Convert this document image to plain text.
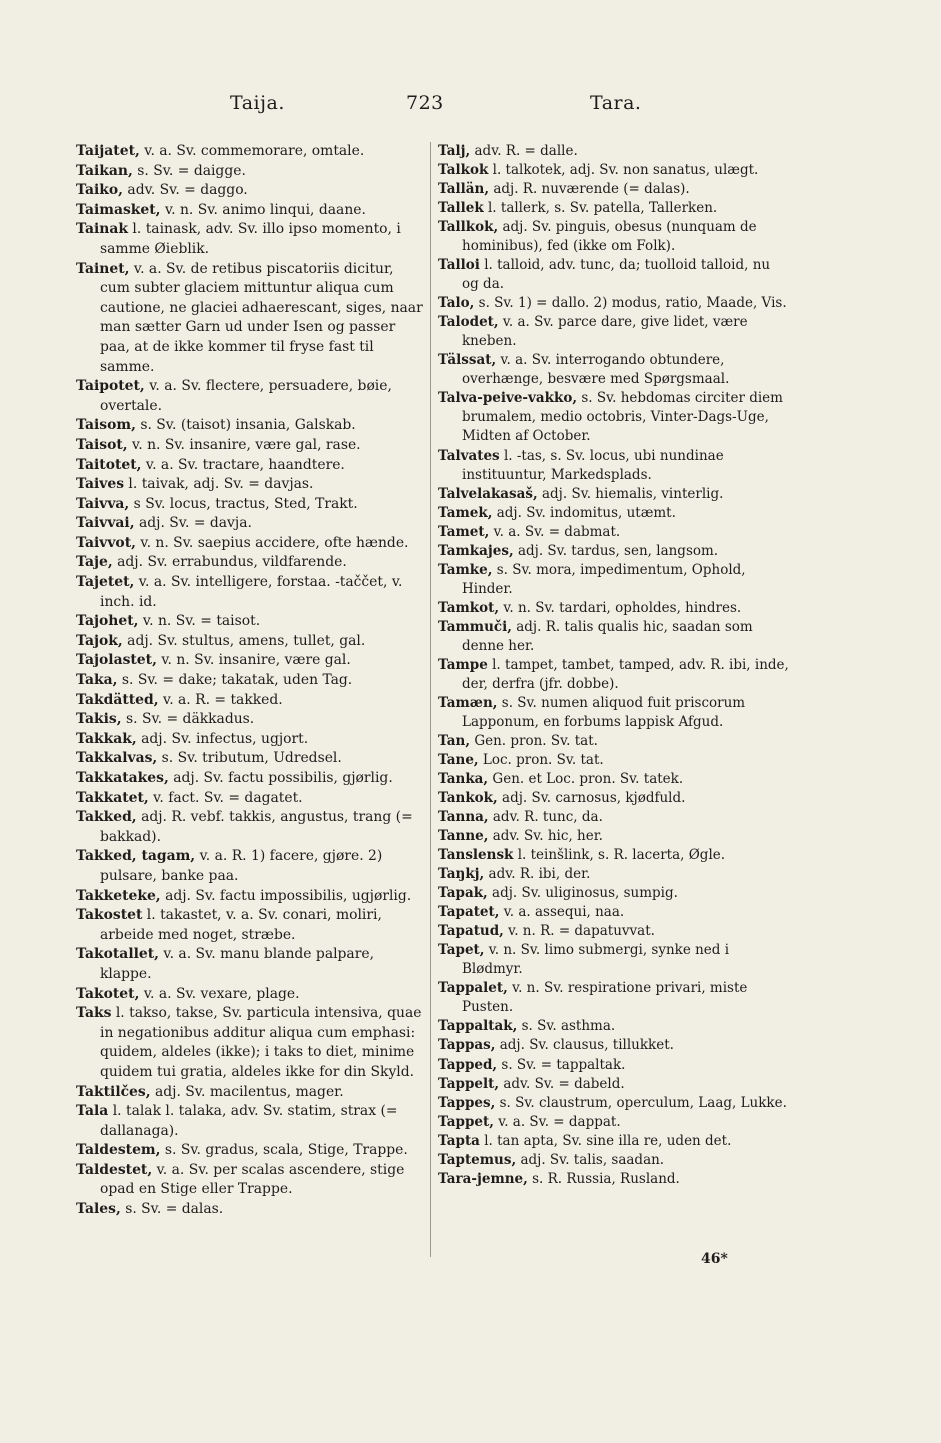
Taija.	723	Tara.

Taijatet, v. a. Sv. commemorare, omtale.

Taikan, s. Sv. = daigge.

Taiko, adv. Sv. = daggo.

Taimasket, v. n. Sv. animo linqui, daane.

Tainak l. tainask, adv. Sv. illo ipso momento, i samme Øieblik.

Tainet, v. a. Sv. de retibus piscatoriis dicitur, cum subter glaciem mittuntur aliqua cum cautione, ne glaciei adhaerescant, siges, naar man sætter Garn ud under Isen og passer paa, at de ikke kommer til fryse fast til samme.

Taipotet, v. a. Sv. flectere, persuadere, bøie, overtale.

Taisom, s. Sv. (taisot) insania, Galskab.

Taisot, v. n. Sv. insanire, være gal, rase.

Taitotet, v. a. Sv. tractare, haandtere.

Taives l. taivak, adj. Sv. = davjas.

Taivva, s Sv. locus, tractus, Sted, Trakt.

Taivvai, adj. Sv. = davja.

Taivvot, v. n. Sv. saepius accidere, ofte hænde.

Taje, adj. Sv. errabundus, vildfarende.

Tajetet, v. a. Sv. intelligere, forstaa. -taččet, v. inch. id.

Tajohet, v. n. Sv. = taisot.

Tajok, adj. Sv. stultus, amens, tullet, gal.

Tajolastet, v. n. Sv. insanire, være gal.

Taka, s. Sv. = dake; takatak, uden Tag.

Takdätted, v. a. R. = takked.

Takis, s. Sv. = däkkadus.

Takkak, adj. Sv. infectus, ugjort.

Takkalvas, s. Sv. tributum, Udredsel.

Takkatakes, adj. Sv. factu possibilis, gjørlig.

Takkatet, v. fact. Sv. = dagatet.

Takked, adj. R. vebf. takkis, angustus, trang (= bakkad).

Takked, tagam, v. a. R. 1) facere, gjøre. 2) pulsare, banke paa.

Takketeke, adj. Sv. factu impossibilis, ugjørlig.

Takostet l. takastet, v. a. Sv. conari, moliri, arbeide med noget, stræbe.

Takotallet, v. a. Sv. manu blande palpare, klappe.

Takotet, v. a. Sv. vexare, plage.

Taks l. takso, takse, Sv. particula intensiva, quae in negationibus additur aliqua cum emphasi: quidem, aldeles (ikke); i taks to diet, minime quidem tui gratia, aldeles ikke for din Skyld.

Taktilčes, adj. Sv. macilentus, mager.

Tala l. talak l. talaka, adv. Sv. statim, strax (= dallanaga).

Taldestem, s. Sv. gradus, scala, Stige, Trappe.

Taldestet, v. a. Sv. per scalas ascendere, stige opad en Stige eller Trappe.

Tales, s. Sv. = dalas.

Talj, adv. R. = dalle.

Talkok l. talkotek, adj. Sv. non sanatus, ulægt.

Tallän, adj. R. nuværende (= dalas).

Tallek l. tallerk, s. Sv. patella, Tallerken.

Tallkok, adj. Sv. pinguis, obesus (nunquam de hominibus), fed (ikke om Folk).

Talloi l. talloid, adv. tunc, da; tuolloid talloid, nu og da.

Talo, s. Sv. 1) = dallo. 2) modus, ratio, Maade, Vis.

Talodet, v. a. Sv. parce dare, give lidet, være kneben.

Tälssat, v. a. Sv. interrogando obtundere, overhænge, besvære med Spørgsmaal.

Talva-peive-vakko, s. Sv. hebdomas circiter diem brumalem, medio octobris, Vinter-Dags-Uge, Midten af October.

Talvates l. -tas, s. Sv. locus, ubi nundinae instituuntur, Markedsplads.

Talvelakasaš, adj. Sv. hiemalis, vinterlig.

Tamek, adj. Sv. indomitus, utæmt.

Tamet, v. a. Sv. = dabmat.

Tamkajes, adj. Sv. tardus, sen, langsom.

Tamke, s. Sv. mora, impedimentum, Ophold, Hinder.

Tamkot, v. n. Sv. tardari, opholdes, hindres.

Tammuči, adj. R. talis qualis hic, saadan som denne her.

Tampe l. tampet, tambet, tamped, adv. R. ibi, inde, der, derfra (jfr. dobbe).

Tamæn, s. Sv. numen aliquod fuit priscorum Lapponum, en forbums lappisk Afgud.

Tan, Gen. pron. Sv. tat.

Tane, Loc. pron. Sv. tat.

Tanka, Gen. et Loc. pron. Sv. tatek.

Tankok, adj. Sv. carnosus, kjødfuld.

Tanna, adv. R. tunc, da.

Tanne, adv. Sv. hic, her.

Tanslensk l. teinšlink, s. R. lacerta, Øgle.

Taŋkj, adv. R. ibi, der.

Tapak, adj. Sv. uliginosus, sumpig.

Tapatet, v. a. assequi, naa.

Tapatud, v. n. R. = dapatuvvat.

Tapet, v. n. Sv. limo submergi, synke ned i Blødmyr.

Tappalet, v. n. Sv. respiratione privari, miste Pusten.

Tappaltak, s. Sv. asthma.

Tappas, adj. Sv. clausus, tillukket.

Tapped, s. Sv. = tappaltak.

Tappelt, adv. Sv. = dabeld.

Tappes, s. Sv. claustrum, operculum, Laag, Lukke.

Tappet, v. a. Sv. = dappat.

Tapta l. tan apta, Sv. sine illa re, uden det.

Taptemus, adj. Sv. talis, saadan.

Tara-jemne, s. R. Russia, Rusland.

46*
